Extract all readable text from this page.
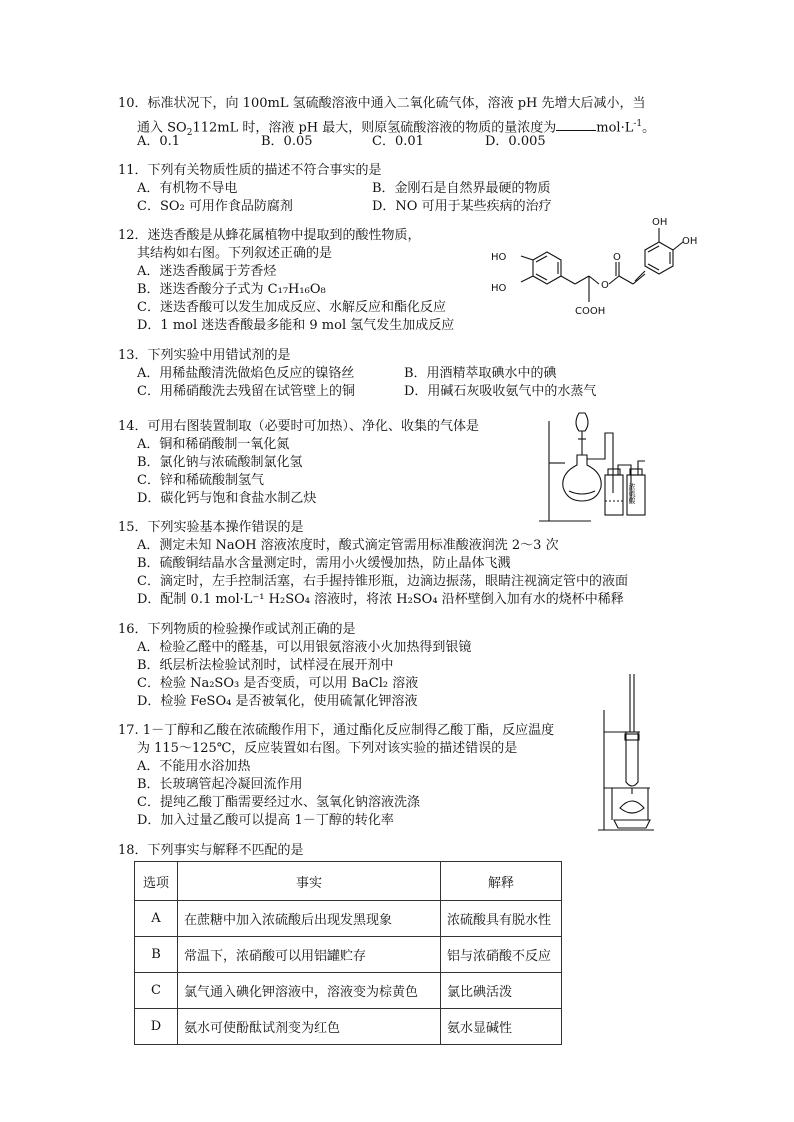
10．标准状况下，向 100mL 氢硫酸溶液中通入二氧化硫气体，溶液 pH 先增大后减小，当
通入 $SO_2112mL$ 时，溶液 pH 最大，则原氢硫酸溶液的物质的量浓度为	$mol\cdot L^{-1}$。
A．0.1	B．0.05	C．0.01	D．0.005
11．下列有关物质性质的描述不符合事实的是
A．有机物不导电	B．金刚石是自然界最硬的物质
C．SO₂ 可用作食品防腐剂	D．NO 可用于某些疾病的治疗
12．迷迭香酸是从蜂花属植物中提取到的酸性物质，
其结构如右图。下列叙述正确的是
A．迷迭香酸属于芳香烃
B．迷迭香酸分子式为 C₁₇H₁₆O₈
C．迷迭香酸可以发生加成反应、水解反应和酯化反应
D．1 mol 迷迭香酸最多能和 9 mol 氢气发生加成反应
OH
OH
HO
HO	O
O
COOH
13．下列实验中用错试剂的是
A．用稀盐酸清洗做焰色反应的镍铬丝	B．用酒精萃取碘水中的碘
C．用稀硝酸洗去残留在试管壁上的铜	D．用碱石灰吸收氨气中的水蒸气
14．可用右图装置制取（必要时可加热）、净化、收集的气体是
A．铜和稀硝酸制一氧化氮
B．氯化钠与浓硫酸制氯化氢
C．锌和稀硫酸制氢气
D．碳化钙与饱和食盐水制乙炔	浓硫酸
15．下列实验基本操作错误的是
A．测定未知 NaOH 溶液浓度时，酸式滴定管需用标准酸液润洗 2～3 次
B．硫酸铜结晶水含量测定时，需用小火缓慢加热，防止晶体飞溅
C．滴定时，左手控制活塞，右手握持锥形瓶，边滴边振荡，眼睛注视滴定管中的液面
D．配制 0.1 mol·L⁻¹ H₂SO₄ 溶液时，将浓 H₂SO₄ 沿杯壁倒入加有水的烧杯中稀释
16．下列物质的检验操作或试剂正确的是
A．检验乙醛中的醛基，可以用银氨溶液小火加热得到银镜
B．纸层析法检验试剂时，试样浸在展开剂中
C．检验 Na₂SO₃ 是否变质，可以用 BaCl₂ 溶液
D．检验 FeSO₄ 是否被氧化，使用硫氰化钾溶液
17. 1－丁醇和乙酸在浓硫酸作用下，通过酯化反应制得乙酸丁酯，反应温度
为 115～125℃，反应装置如右图。下列对该实验的描述错误的是
A．不能用水浴加热
B．长玻璃管起冷凝回流作用
C．提纯乙酸丁酯需要经过水、氢氧化钠溶液洗涤
D．加入过量乙酸可以提高 1－丁醇的转化率
18．下列事实与解释不匹配的是
选项	事实	解释
A	在蔗糖中加入浓硫酸后出现发黑现象	浓硫酸具有脱水性
B	常温下，浓硝酸可以用铝罐贮存	铝与浓硝酸不反应
C	氯气通入碘化钾溶液中，溶液变为棕黄色	氯比碘活泼
D	氨水可使酚酞试剂变为红色	氨水显碱性
